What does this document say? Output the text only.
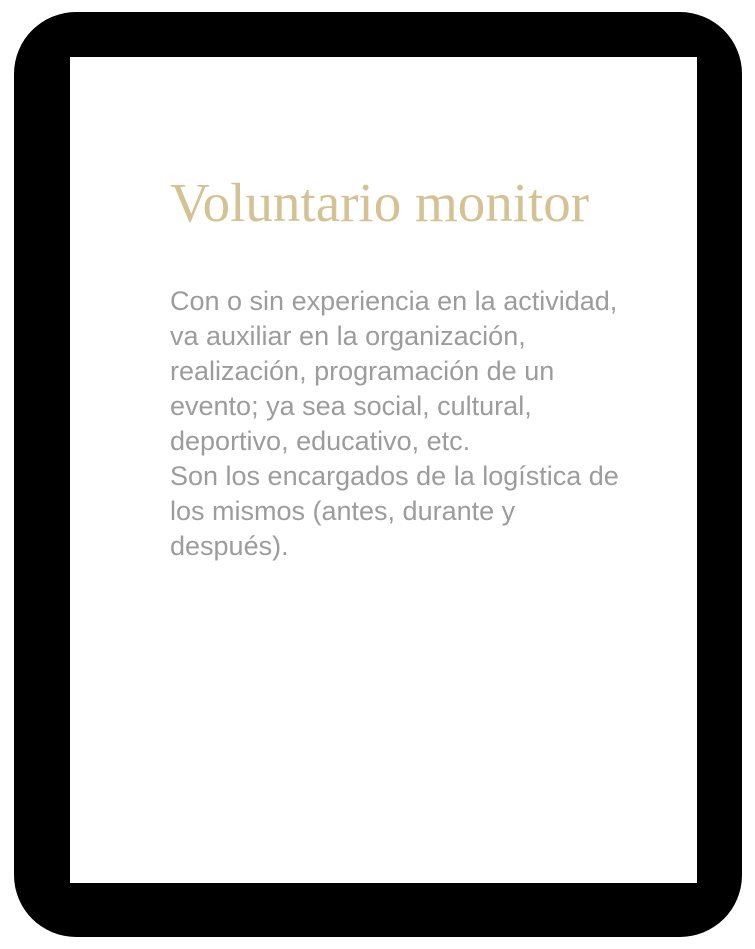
Voluntario monitor
Con o sin experiencia en la actividad,
va auxiliar en la organización,
realización, programación de un
evento; ya sea social, cultural,
deportivo, educativo, etc.
Son los encargados de la logística de
los mismos (antes, durante y
después).
